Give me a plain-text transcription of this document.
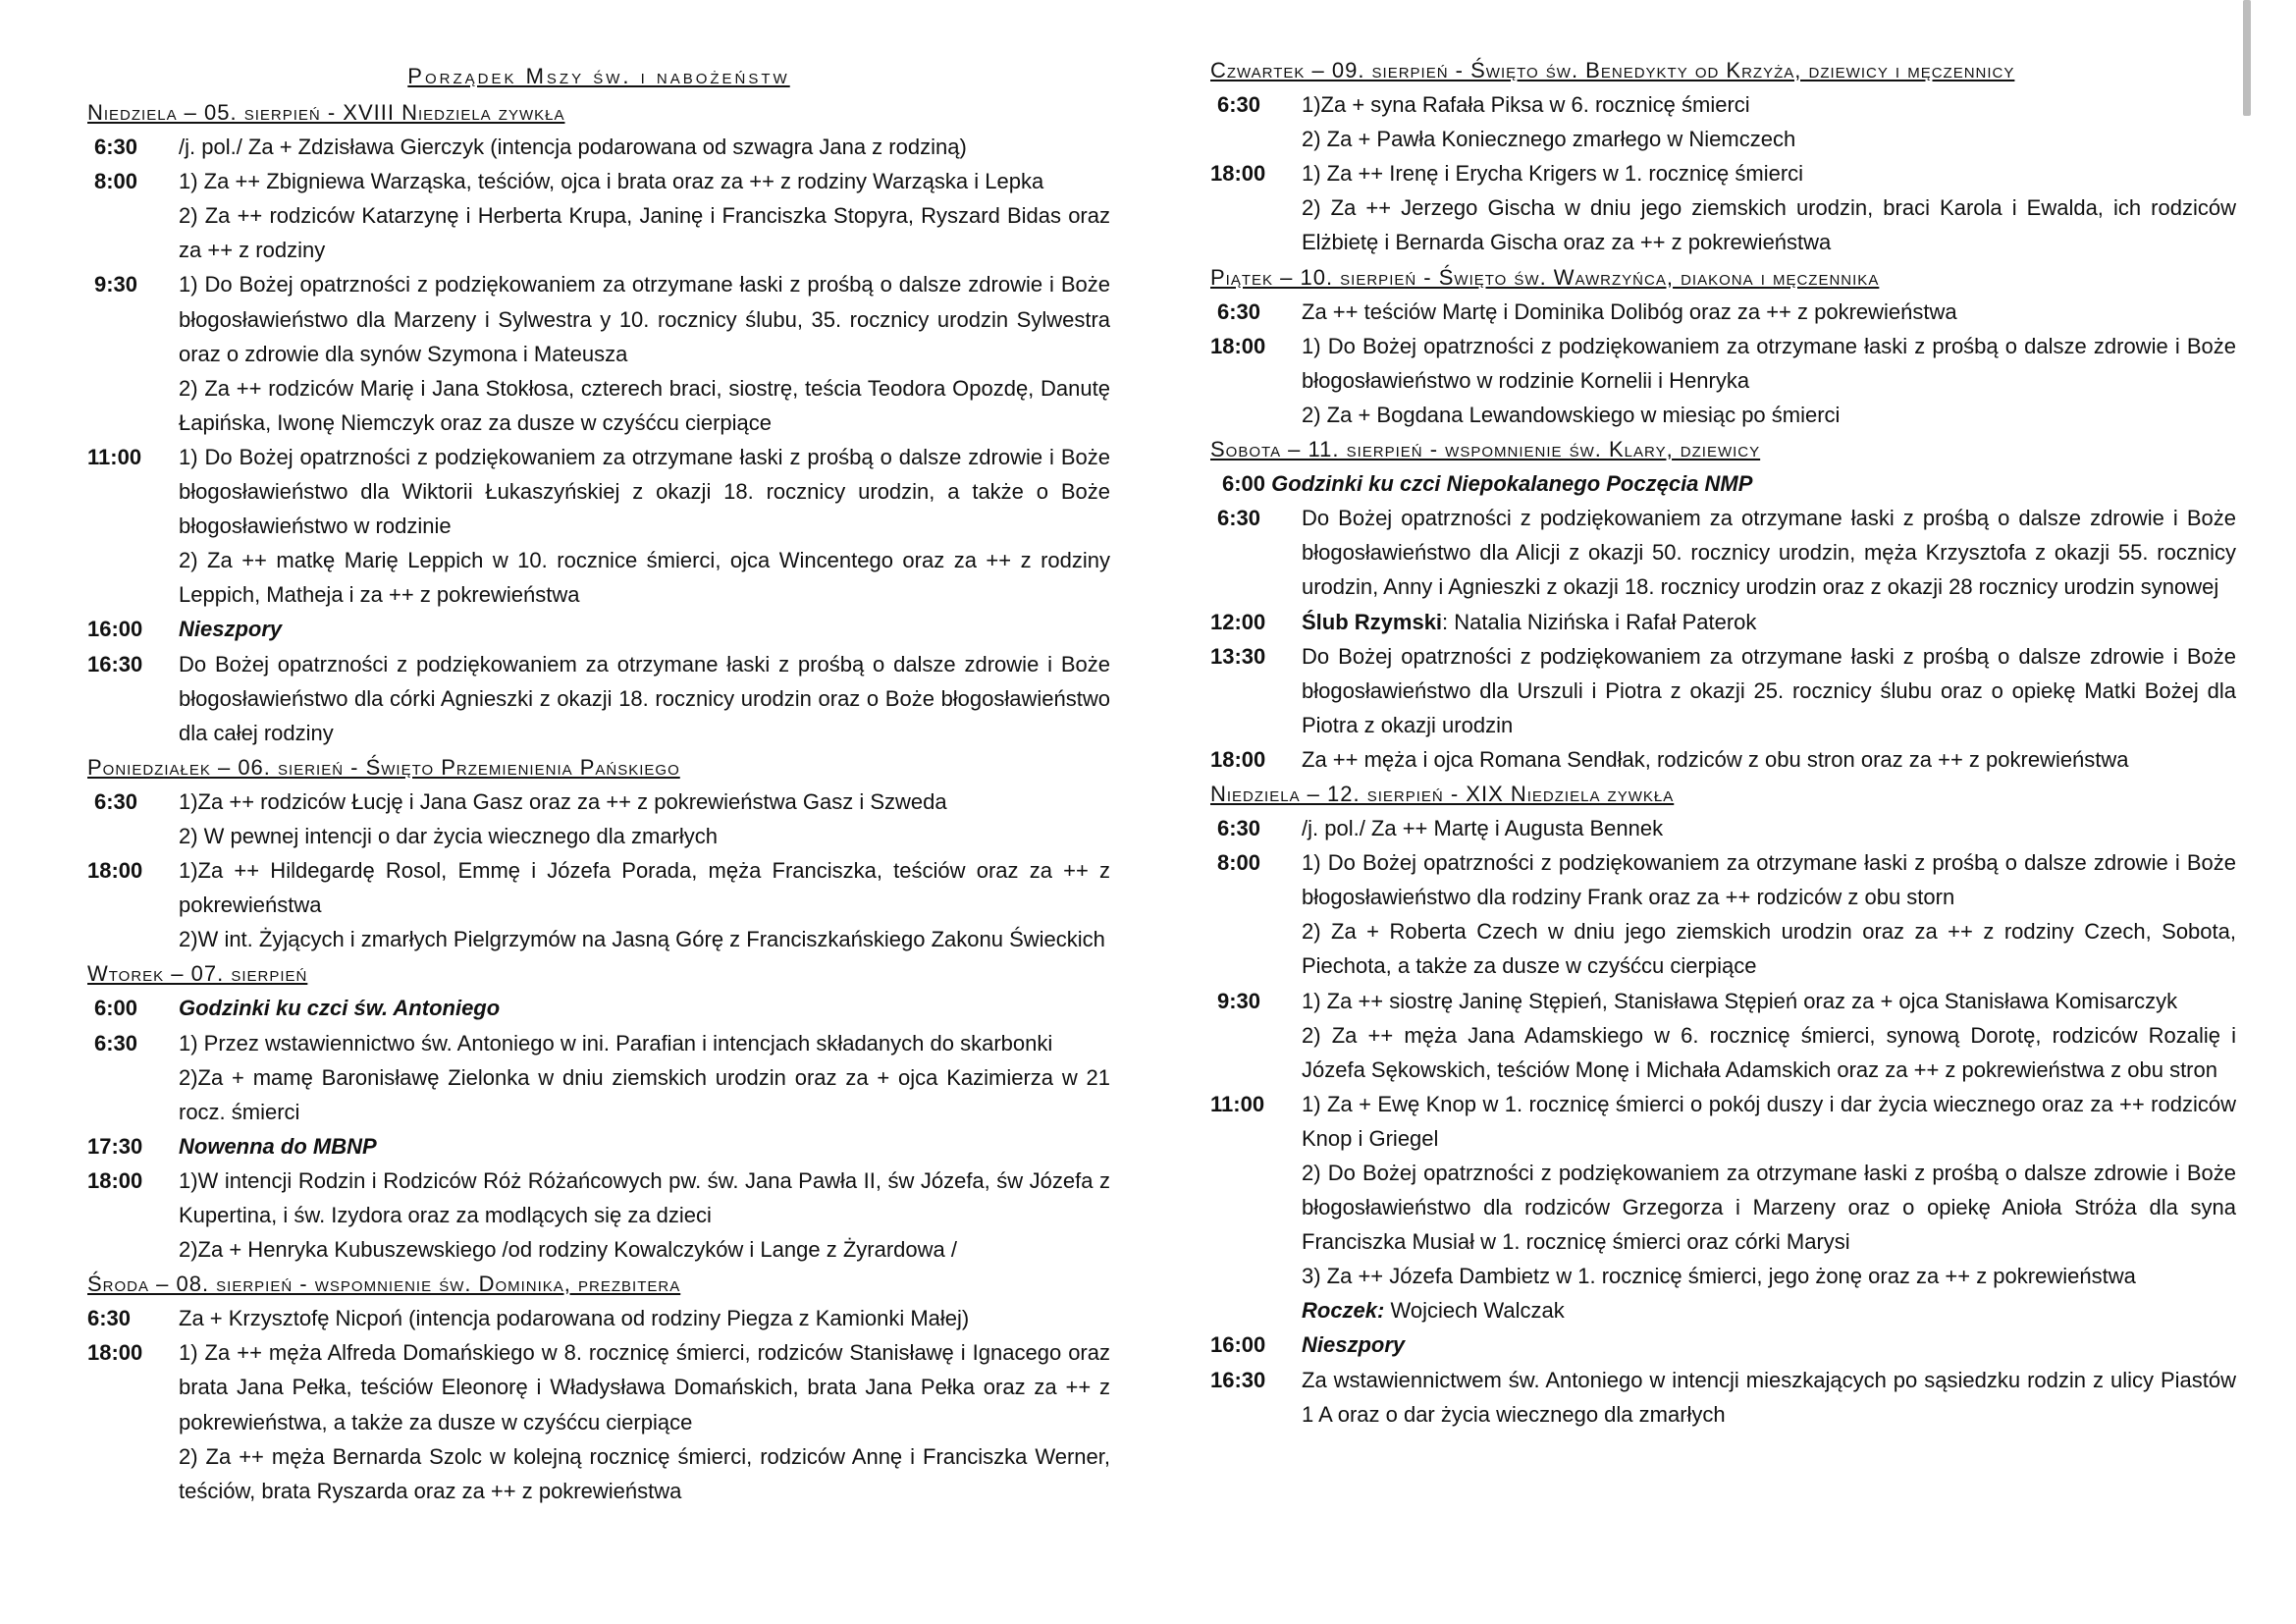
Porządek Mszy św. i nabożeństw
Niedziela – 05. sierpień - XVIII Niedziela zywkła
6:30	/j. pol./ Za + Zdzisława Gierczyk (intencja podarowana od szwagra Jana z rodziną)
8:00	1) Za ++ Zbigniewa Warząska, teściów, ojca i brata oraz za ++ z rodziny Warząska i Lepka
2) Za ++ rodziców Katarzynę i Herberta Krupa, Janinę i Franciszka Stopyra, Ryszard Bidas oraz za ++ z rodziny
9:30	1) Do Bożej opatrzności z podziękowaniem za otrzymane łaski z prośbą o dalsze zdrowie i Boże błogosławieństwo dla Marzeny i Sylwestra y 10. rocznicy ślubu, 35. rocznicy urodzin Sylwestra oraz o zdrowie dla synów Szymona i Mateusza
2) Za ++ rodziców Marię i Jana Stokłosa, czterech braci, siostrę, teścia Teodora Opozdę, Danutę Łapińska, Iwonę Niemczyk oraz za dusze w czyśćcu cierpiące
11:00	1) Do Bożej opatrzności z podziękowaniem za otrzymane łaski z prośbą o dalsze zdrowie i Boże błogosławieństwo dla Wiktorii Łukaszyńskiej z okazji 18. rocznicy urodzin, a także o Boże błogosławieństwo w rodzinie
2) Za ++ matkę Marię Leppich w 10. rocznice śmierci, ojca Wincentego oraz za ++ z rodziny Leppich, Matheja i za ++ z pokrewieństwa
16:00	Nieszpory
16:30	Do Bożej opatrzności z podziękowaniem za otrzymane łaski z prośbą o dalsze zdrowie i Boże błogosławieństwo dla córki Agnieszki z okazji 18. rocznicy urodzin oraz o Boże błogosławieństwo dla całej rodziny
Poniedziałek – 06. sierień - Święto Przemienienia Pańskiego
6:30	1)Za ++ rodziców Łucję i Jana Gasz oraz za ++ z pokrewieństwa Gasz i Szweda
2) W pewnej intencji o dar życia wiecznego dla zmarłych
18:00	1)Za ++ Hildegardę Rosol, Emmę i Józefa Porada, męża Franciszka, teściów oraz za ++ z pokrewieństwa
2)W int. Żyjących i zmarłych Pielgrzymów na Jasną Górę z Franciszkańskiego Zakonu Świeckich
Wtorek – 07. sierpień
6:00	Godzinki ku czci św. Antoniego
6:30	1) Przez wstawiennictwo św. Antoniego w ini. Parafian i intencjach składanych do skarbonki
2)Za + mamę Baronisławę Zielonka w dniu ziemskich urodzin oraz za + ojca Kazimierza w 21 rocz. śmierci
17:30	Nowenna do MBNP
18:00	1)W intencji Rodzin i Rodziców Róż Różańcowych pw. św. Jana Pawła II, św Józefa, św Józefa z Kupertina, i św. Izydora oraz za modlących się za dzieci
2)Za + Henryka Kubuszewskiego /od rodziny Kowalczyków i Lange z Żyrardowa /
Środa – 08. sierpień - wspomnienie św. Dominika, prezbitera
6:30	Za + Krzysztofę Nicpoń (intencja podarowana od rodziny Piegza z Kamionki Małej)
18:00	1) Za ++ męża Alfreda Domańskiego w 8. rocznicę śmierci, rodziców Stanisławę i Ignacego oraz brata Jana Pełka, teściów Eleonorę i Władysława Domańskich, brata Jana Pełka oraz za ++ z pokrewieństwa, a także za dusze w czyśćcu cierpiące
2) Za ++ męża Bernarda Szolc w kolejną rocznicę śmierci, rodziców Annę i Franciszka Werner, teściów, brata Ryszarda oraz za ++ z pokrewieństwa
Czwartek – 09. sierpień - Święto św. Benedykty od Krzyża, dziewicy i męczennicy
6:30	1)Za + syna Rafała Piksa w 6. rocznicę śmierci
2) Za + Pawła Koniecznego zmarłego w Niemczech
18:00	1) Za ++ Irenę i Erycha Krigers w 1. rocznicę śmierci
2) Za ++ Jerzego Gischa w dniu jego ziemskich urodzin, braci Karola i Ewalda, ich rodziców Elżbietę i Bernarda Gischa oraz za ++ z pokrewieństwa
Piątek – 10. sierpień - Święto św. Wawrzyńca, diakona i męczennika
6:30	Za ++ teściów Martę i Dominika Dolibóg oraz za ++ z pokrewieństwa
18:00	1) Do Bożej opatrzności z podziękowaniem za otrzymane łaski z prośbą o dalsze zdrowie i Boże błogosławieństwo w rodzinie Kornelii i Henryka
2) Za + Bogdana Lewandowskiego w miesiąc po śmierci
Sobota – 11. sierpień - wspomnienie św. Klary, dziewicy
6:00 Godzinki ku czci Niepokalanego Poczęcia NMP
6:30	Do Bożej opatrzności z podziękowaniem za otrzymane łaski z prośbą o dalsze zdrowie i Boże błogosławieństwo dla Alicji z okazji 50. rocznicy urodzin, męża Krzysztofa z okazji 55. rocznicy urodzin, Anny i Agnieszki z okazji 18. rocznicy urodzin oraz z okazji 28 rocznicy urodzin synowej
12:00	Ślub Rzymski: Natalia Nizińska i Rafał Paterok
13:30	Do Bożej opatrzności z podziękowaniem za otrzymane łaski z prośbą o dalsze zdrowie i Boże błogosławieństwo dla Urszuli i Piotra z okazji 25. rocznicy ślubu oraz o opiekę Matki Bożej dla Piotra z okazji urodzin
18:00	Za ++ męża i ojca Romana Sendłak, rodziców z obu stron oraz za ++ z pokrewieństwa
Niedziela – 12. sierpień - XIX Niedziela zywkła
6:30	/j. pol./ Za ++ Martę i Augusta Bennek
8:00	1) Do Bożej opatrzności z podziękowaniem za otrzymane łaski z prośbą o dalsze zdrowie i Boże błogosławieństwo dla rodziny Frank oraz za ++ rodziców z obu storn
2) Za + Roberta Czech w dniu jego ziemskich urodzin oraz za ++ z rodziny Czech, Sobota, Piechota, a także za dusze w czyśćcu cierpiące
9:30	1) Za ++ siostrę Janinę Stępień, Stanisława Stępień oraz za + ojca Stanisława Komisarczyk
2) Za ++ męża Jana Adamskiego w 6. rocznicę śmierci, synową Dorotę, rodziców Rozalię i Józefa Sękowskich, teściów Monę i Michała Adamskich oraz za ++ z pokrewieństwa z obu stron
11:00	1) Za + Ewę Knop w 1. rocznicę śmierci o pokój duszy i dar życia wiecznego oraz za ++ rodziców Knop i Griegel
2) Do Bożej opatrzności z podziękowaniem za otrzymane łaski z prośbą o dalsze zdrowie i Boże błogosławieństwo dla rodziców Grzegorza i Marzeny oraz o opiekę Anioła Stróża dla syna Franciszka Musiał w 1. rocznicę śmierci oraz córki Marysi
3) Za ++ Józefa Dambietz w 1. rocznicę śmierci, jego żonę oraz za ++ z pokrewieństwa
Roczek: Wojciech Walczak
16:00	Nieszpory
16:30	Za wstawiennictwem św. Antoniego w intencji mieszkających po sąsiedzku rodzin z ulicy Piastów 1 A oraz o dar życia wiecznego dla zmarłych
